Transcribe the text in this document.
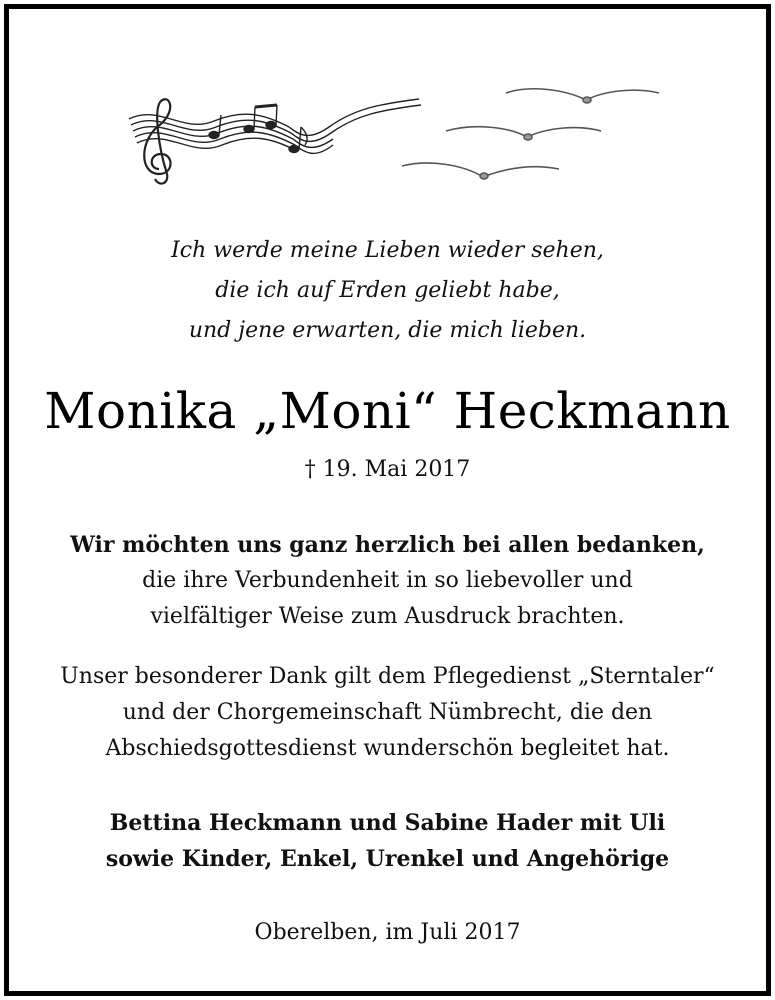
Ich werde meine Lieben wieder sehen,
die ich auf Erden geliebt habe,
und jene erwarten, die mich lieben.
Monika „Moni“ Heckmann
† 19. Mai 2017
Wir möchten uns ganz herzlich bei allen bedanken,
die ihre Verbundenheit in so liebevoller und
vielfältiger Weise zum Ausdruck brachten.
Unser besonderer Dank gilt dem Pflegedienst „Sterntaler“
und der Chorgemeinschaft Nümbrecht, die den
Abschiedsgottesdienst wunderschön begleitet hat.
Bettina Heckmann und Sabine Hader mit Uli
sowie Kinder, Enkel, Urenkel und Angehörige
Oberelben, im Juli 2017
